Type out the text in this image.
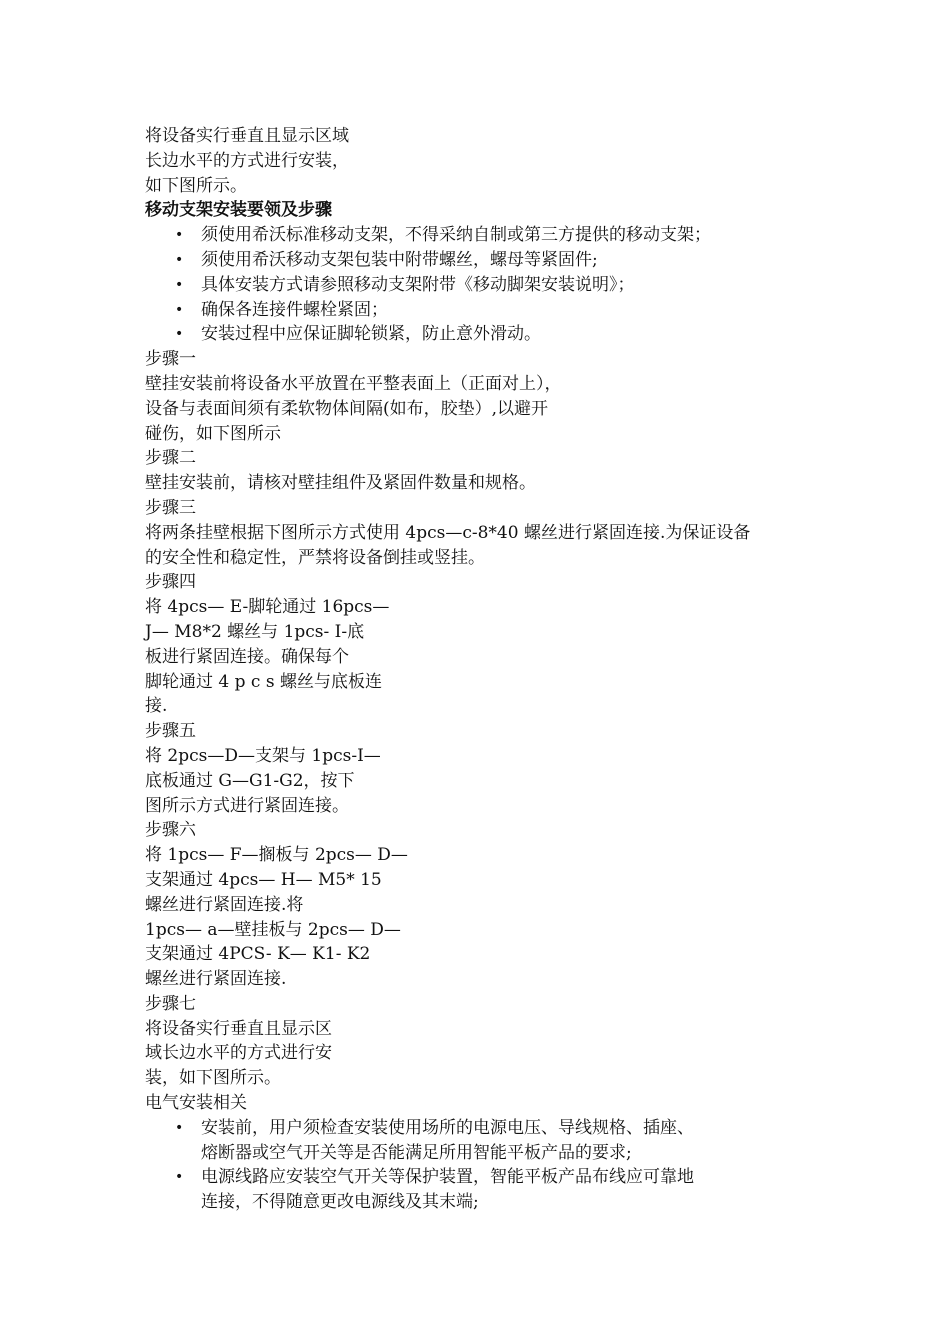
将设备实行垂直且显示区域
长边水平的方式进行安装，
如下图所示。
移动支架安装要领及步骤
• 须使用希沃标准移动支架，不得采纳自制或第三方提供的移动支架；
• 须使用希沃移动支架包装中附带螺丝，螺母等紧固件;
• 具体安装方式请参照移动支架附带《移动脚架安装说明》；
• 确保各连接件螺栓紧固；
• 安装过程中应保证脚轮锁紧，防止意外滑动。
步骤一
壁挂安装前将设备水平放置在平整表面上（正面对上），
设备与表面间须有柔软物体间隔(如布，胶垫）,以避开
碰伤，如下图所示
步骤二
壁挂安装前，请核对壁挂组件及紧固件数量和规格。
步骤三
将两条挂壁根据下图所示方式使用 4pcs—c-8*40 螺丝进行紧固连接.为保证设备
的安全性和稳定性，严禁将设备倒挂或竖挂。
步骤四
将 4pcs— E-脚轮通过 16pcs—
J— M8*2 螺丝与 1pcs- I-底
板进行紧固连接。确保每个
脚轮通过 4 p c s 螺丝与底板连
接.
步骤五
将 2pcs—D—支架与 1pcs-I—
底板通过 G—G1-G2，按下
图所示方式进行紧固连接。
步骤六
将 1pcs— F—搁板与 2pcs— D—
支架通过 4pcs— H— M5* 15
螺丝进行紧固连接.将
1pcs— a—壁挂板与 2pcs— D—
支架通过 4PCS- K— K1- K2
螺丝进行紧固连接.
步骤七
将设备实行垂直且显示区
域长边水平的方式进行安
装，如下图所示。
电气安装相关
• 安装前，用户须检查安装使用场所的电源电压、导线规格、插座、
熔断器或空气开关等是否能满足所用智能平板产品的要求;
• 电源线路应安装空气开关等保护装置，智能平板产品布线应可靠地
连接，不得随意更改电源线及其末端;
